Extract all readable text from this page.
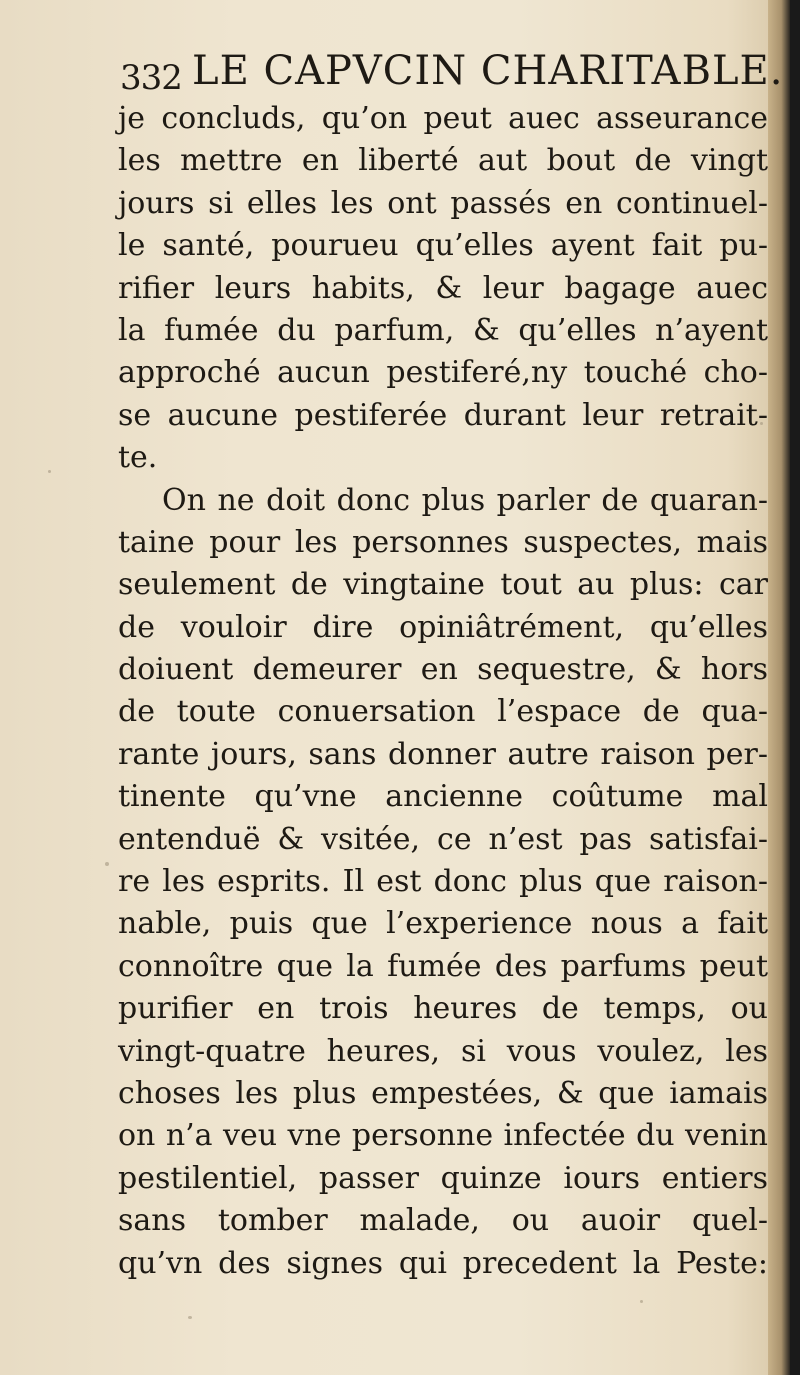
332 LE CAPVCIN CHARITABLE.
je concluds, qu’on peut auec asseurance
les mettre en liberté aut bout de vingt
jours si elles les ont passés en continuel-
le santé, pourueu qu’elles ayent fait pu-
rifier leurs habits, & leur bagage auec
la fumée du parfum, & qu’elles n’ayent
approché aucun pestiferé,ny touché cho-
se aucune pestiferée durant leur retrait-
te.
On ne doit donc plus parler de quaran-
taine pour les personnes suspectes, mais
seulement de vingtaine tout au plus: car
de vouloir dire opiniâtrément, qu’elles
doiuent demeurer en sequestre, & hors
de toute conuersation l’espace de qua-
rante jours, sans donner autre raison per-
tinente qu’vne ancienne coûtume mal
entenduë & vsitée, ce n’est pas satisfai-
re les esprits. Il est donc plus que raison-
nable, puis que l’experience nous a fait
connoître que la fumée des parfums peut
purifier en trois heures de temps, ou
vingt-quatre heures, si vous voulez, les
choses les plus empestées, & que iamais
on n’a veu vne personne infectée du venin
pestilentiel, passer quinze iours entiers
sans tomber malade, ou auoir quel-
qu’vn des signes qui precedent la Peste:
